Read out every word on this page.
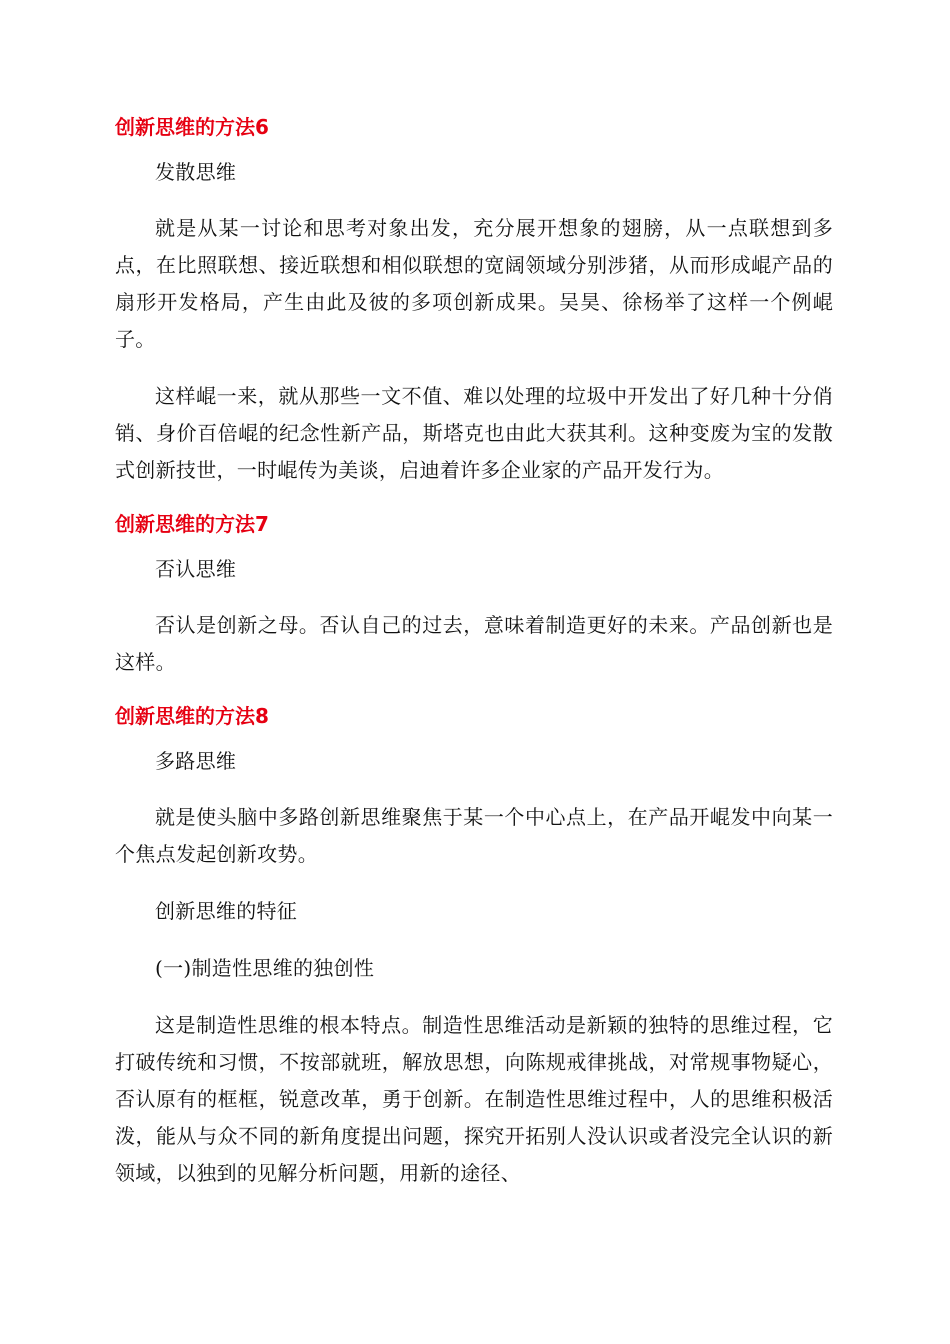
创新思维的方法6

发散思维

就是从某一讨论和思考对象出发，充分展开想象的翅膀，从一点联想到多点，在比照联想、接近联想和相似联想的宽阔领域分别涉猪，从而形成崐产品的扇形开发格局，产生由此及彼的多项创新成果。吴昊、徐杨举了这样一个例崐子。

这样崐一来，就从那些一文不值、难以处理的垃圾中开发出了好几种十分俏销、身价百倍崐的纪念性新产品，斯塔克也由此大获其利。这种变废为宝的发散式创新技世，一时崐传为美谈，启迪着许多企业家的产品开发行为。

创新思维的方法7

否认思维

否认是创新之母。否认自己的过去，意味着制造更好的未来。产品创新也是这样。

创新思维的方法8

多路思维

就是使头脑中多路创新思维聚焦于某一个中心点上，在产品开崐发中向某一个焦点发起创新攻势。

创新思维的特征

(一)制造性思维的独创性

这是制造性思维的根本特点。制造性思维活动是新颖的独特的思维过程，它打破传统和习惯，不按部就班，解放思想，向陈规戒律挑战，对常规事物疑心，否认原有的框框，锐意改革，勇于创新。在制造性思维过程中，人的思维积极活泼，能从与众不同的新角度提出问题，探究开拓别人没认识或者没完全认识的新领域，以独到的见解分析问题，用新的途径、
